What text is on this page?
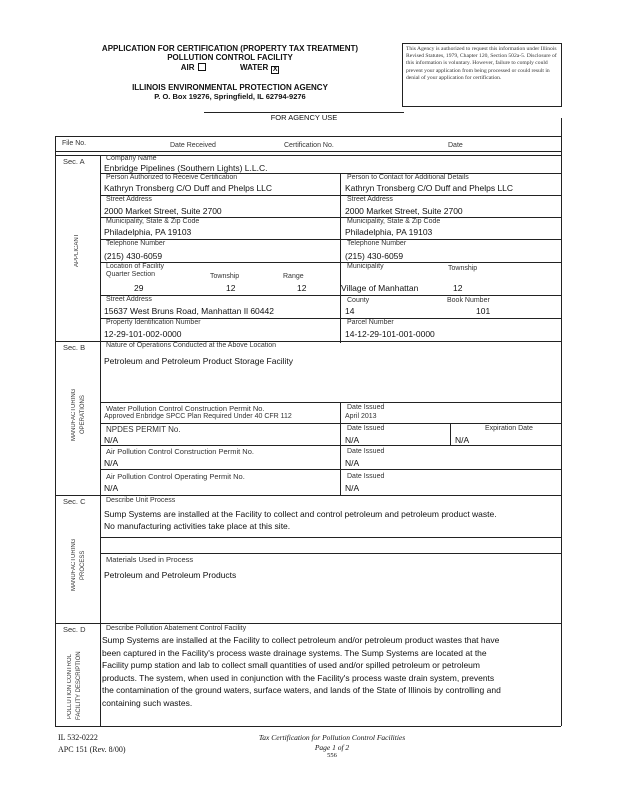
APPLICATION FOR CERTIFICATION (PROPERTY TAX TREATMENT)
POLLUTION CONTROL FACILITY
AIR	WATER X
ILLINOIS ENVIRONMENTAL PROTECTION AGENCY
P. O. Box 19276, Springfield, IL 62794-9276
This Agency is authorized to request this information under Illinois Revised Statutes, 1979, Chapter 120, Section 502a-5. Disclosure of this information is voluntary. However, failure to comply could prevent your application from being processed or could result in denial of your application for certification.
FOR AGENCY USE
File No.	Date Received	Certification No.	Date
Sec. A
APPLICANT
Company Name
Enbridge Pipelines (Southern Lights) L.L.C.
Person Authorized to Receive Certification
Kathryn Tronsberg C/O Duff and Phelps LLC
Person to Contact for Additional Details
Kathryn Tronsberg C/O Duff and Phelps LLC
Street Address
2000 Market Street, Suite 2700
Street Address
2000 Market Street, Suite 2700
Municipality, State & Zip Code
Philadelphia, PA 19103
Municipality, State & Zip Code
Philadelphia, PA 19103
Telephone Number
(215) 430-6059
Telephone Number
(215) 430-6059
Location of Facility
Quarter Section	Township	Range
29	12	12
Municipality	Township
Village of Manhattan	12
Street Address
15637 West Bruns Road, Manhattan Il 60442
County
14
Book Number
101
Property Identification Number
12-29-101-002-0000
Parcel Number
14-12-29-101-001-0000
Sec. B
MANUFACTURING OPERATIONS
Nature of Operations Conducted at the Above Location
Petroleum and Petroleum Product Storage Facility
Water Pollution Control Construction Permit No.
Approved Enbridge SPCC Plan Required Under 40 CFR 112
Date Issued
April 2013
NPDES PERMIT No.
N/A
Date Issued
N/A
Expiration Date
N/A
Air Pollution Control Construction Permit No.
N/A
Date Issued
N/A
Air Pollution Control Operating Permit No.
N/A
Date Issued
N/A
Sec. C
MANUFACTURING PROCESS
Describe Unit Process
Sump Systems are installed at the Facility to collect and control petroleum and petroleum product waste.
No manufacturing activities take place at this site.
Materials Used in Process
Petroleum and Petroleum Products
Sec. D
POLLUTION CONTROL FACILITY DESCRIPTION
Describe Pollution Abatement Control Facility
Sump Systems are installed at the Facility to collect petroleum and/or petroleum product wastes that have
been captured in the Facility's process waste drainage systems. The Sump Systems are located at the
Facility pump station and lab to collect small quantities of used and/or spilled petroleum or petroleum
products. The system, when used in conjunction with the Facility's process waste drain system, prevents
the contamination of the ground waters, surface waters, and lands of the State of Illinois by controlling and
containing such wastes.
IL 532-0222
APC 151 (Rev. 8/00)
Tax Certification for Pollution Control Facilities
Page 1 of 2
556
